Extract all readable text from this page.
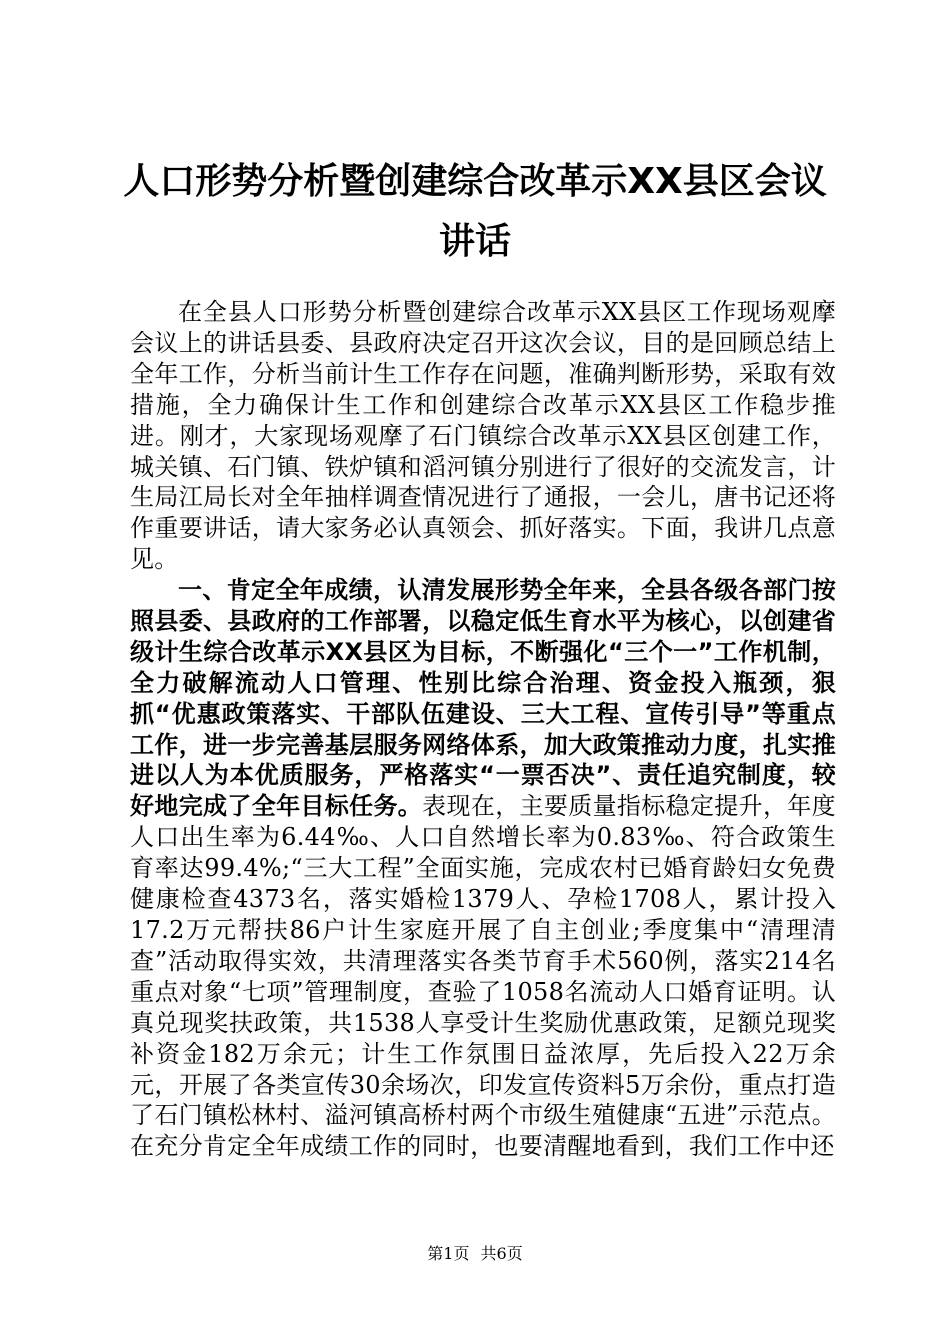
人口形势分析暨创建综合改革示XX县区会议
讲话

在全县人口形势分析暨创建综合改革示XX县区工作现场观摩会议上的讲话县委、县政府决定召开这次会议，目的是回顾总结上全年工作，分析当前计生工作存在问题，准确判断形势，采取有效措施，全力确保计生工作和创建综合改革示XX县区工作稳步推进。刚才，大家现场观摩了石门镇综合改革示XX县区创建工作，城关镇、石门镇、铁炉镇和滔河镇分别进行了很好的交流发言，计生局江局长对全年抽样调查情况进行了通报，一会儿，唐书记还将作重要讲话，请大家务必认真领会、抓好落实。下面，我讲几点意见。

一、肯定全年成绩，认清发展形势全年来，全县各级各部门按照县委、县政府的工作部署，以稳定低生育水平为核心，以创建省级计生综合改革示XX县区为目标，不断强化“三个一”工作机制，全力破解流动人口管理、性别比综合治理、资金投入瓶颈，狠抓“优惠政策落实、干部队伍建设、三大工程、宣传引导”等重点工作，进一步完善基层服务网络体系，加大政策推动力度，扎实推进以人为本优质服务，严格落实“一票否决”、责任追究制度，较好地完成了全年目标任务。表现在，主要质量指标稳定提升，年度人口出生率为6.44‰、人口自然增长率为0.83‰、符合政策生育率达99.4%;“三大工程”全面实施，完成农村已婚育龄妇女免费健康检查4373名，落实婚检1379人、孕检1708人，累计投入17.2万元帮扶86户计生家庭开展了自主创业;季度集中“清理清查”活动取得实效，共清理落实各类节育手术560例，落实214名重点对象“七项”管理制度，查验了1058名流动人口婚育证明。认真兑现奖扶政策，共1538人享受计生奖励优惠政策，足额兑现奖补资金182万余元；计生工作氛围日益浓厚，先后投入22万余元，开展了各类宣传30余场次，印发宣传资料5万余份，重点打造了石门镇松林村、溢河镇高桥村两个市级生殖健康“五进”示范点。在充分肯定全年成绩工作的同时，也要清醒地看到，我们工作中还

第1页 共6页
